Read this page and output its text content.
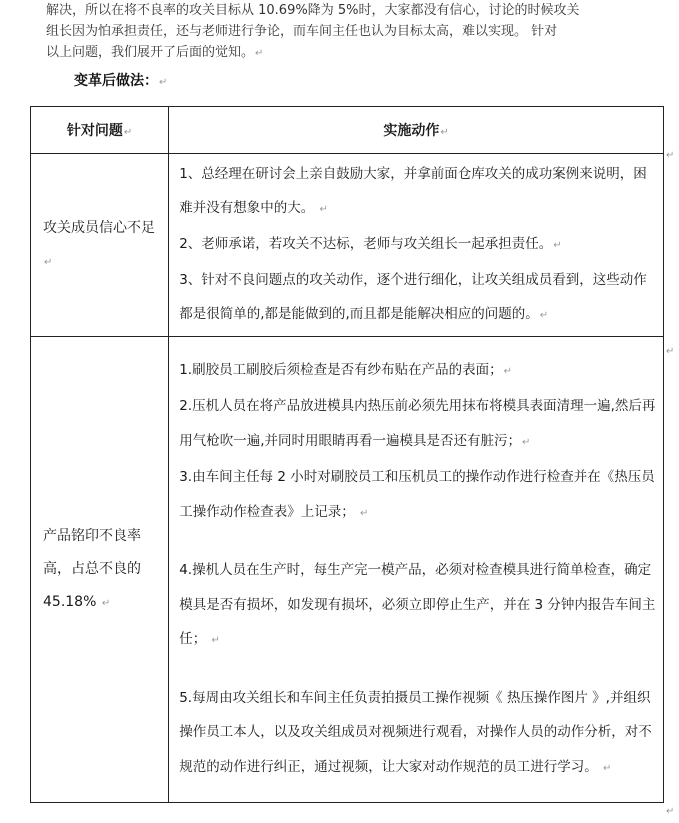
解决，所以在将不良率的攻关目标从 10.69%降为 5%时，大家都没有信心，讨论的时候攻关
组长因为怕承担责任，还与老师进行争论，而车间主任也认为目标太高，难以实现。 针对
以上问题，我们展开了后面的觉知。↵
变革后做法：↵
针对问题↵	实施动作↵
攻关成员信心不足 ↵	1、总经理在研讨会上亲自鼓励大家，并拿前面仓库攻关的成功案例来说明，困难并没有想象中的大。 ↵
2、老师承诺，若攻关不达标，老师与攻关组长一起承担责任。↵
3、针对不良问题点的攻关动作，逐个进行细化，让攻关组成员看到，这些动作都是很简单的,都是能做到的,而且都是能解决相应的问题的。↵

产品铭印不良率高，占总不良的 45.18% ↵	1.刷胶员工刷胶后须检查是否有纱布贴在产品的表面；↵
2.压机人员在将产品放进模具内热压前必须先用抹布将模具表面清理一遍,然后再用气枪吹一遍,并同时用眼睛再看一遍模具是否还有脏污；↵
3.由车间主任每 2 小时对刷胶员工和压机员工的操作动作进行检查并在《热压员工操作动作检查表》上记录； ↵
4.操机人员在生产时，每生产完一模产品，必须对检查模具进行简单检查，确定模具是否有损坏，如发现有损坏，必须立即停止生产，并在 3 分钟内报告车间主任； ↵
5.每周由攻关组长和车间主任负责拍摄员工操作视频《 热压操作图片 》,并组织操作员工本人，以及攻关组成员对视频进行观看，对操作人员的动作分析，对不规范的动作进行纠正，通过视频，让大家对动作规范的员工进行学习。 ↵
↵
↵
↵
